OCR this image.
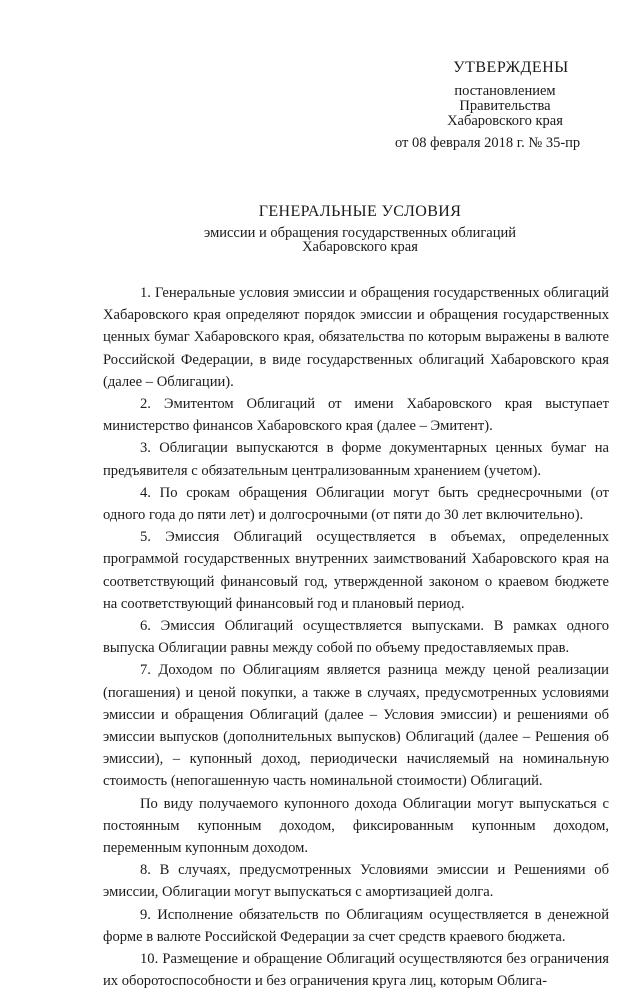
УТВЕРЖДЕНЫ
постановлением
Правительства
Хабаровского края
от 08 февраля 2018 г. № 35-пр
ГЕНЕРАЛЬНЫЕ УСЛОВИЯ
эмиссии и обращения государственных облигаций
Хабаровского края

1. Генеральные условия эмиссии и обращения государственных облигаций Хабаровского края определяют порядок эмиссии и обращения государственных ценных бумаг Хабаровского края, обязательства по которым выражены в валюте Российской Федерации, в виде государственных облигаций Хабаровского края (далее – Облигации).

2. Эмитентом Облигаций от имени Хабаровского края выступает министерство финансов Хабаровского края (далее – Эмитент).

3. Облигации выпускаются в форме документарных ценных бумаг на предъявителя с обязательным централизованным хранением (учетом).

4. По срокам обращения Облигации могут быть среднесрочными (от одного года до пяти лет) и долгосрочными (от пяти до 30 лет включительно).

5. Эмиссия Облигаций осуществляется в объемах, определенных программой государственных внутренних заимствований Хабаровского края на соответствующий финансовый год, утвержденной законом о краевом бюджете на соответствующий финансовый год и плановый период.

6. Эмиссия Облигаций осуществляется выпусками. В рамках одного выпуска Облигации равны между собой по объему предоставляемых прав.

7. Доходом по Облигациям является разница между ценой реализации (погашения) и ценой покупки, а также в случаях, предусмотренных условиями эмиссии и обращения Облигаций (далее – Условия эмиссии) и решениями об эмиссии выпусков (дополнительных выпусков) Облигаций (далее – Решения об эмиссии), – купонный доход, периодически начисляемый на номинальную стоимость (непогашенную часть номинальной стоимости) Облигаций.

По виду получаемого купонного дохода Облигации могут выпускаться с постоянным купонным доходом, фиксированным купонным доходом, переменным купонным доходом.

8. В случаях, предусмотренных Условиями эмиссии и Решениями об эмиссии, Облигации могут выпускаться с амортизацией долга.

9. Исполнение обязательств по Облигациям осуществляется в денежной форме в валюте Российской Федерации за счет средств краевого бюджета.

10. Размещение и обращение Облигаций осуществляются без ограничения их оборотоспособности и без ограничения круга лиц, которым Облига-
